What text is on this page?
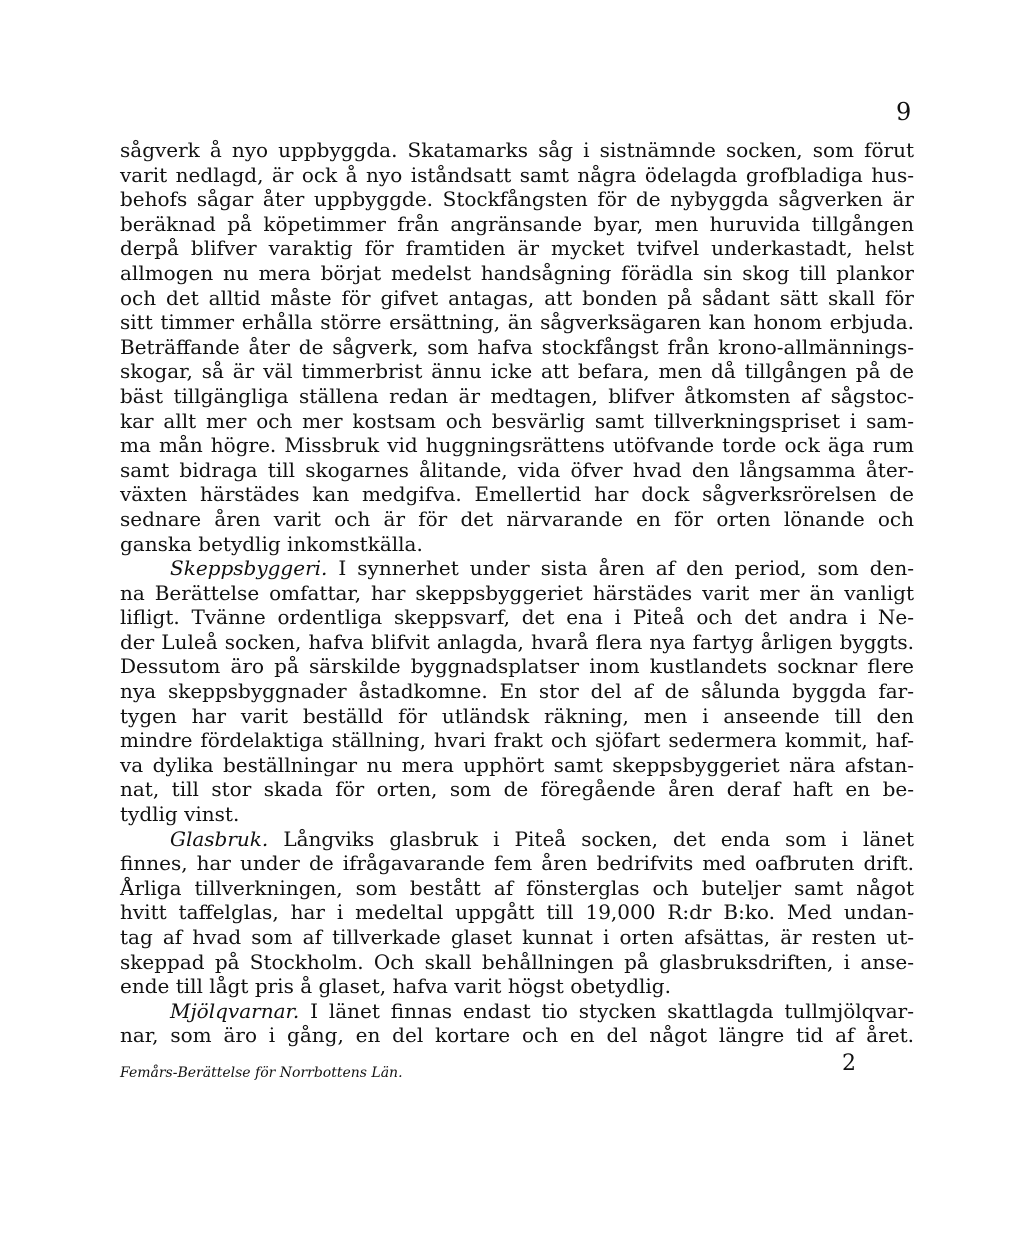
9
sågverk å nyo uppbyggda. Skatamarks såg i sistnämnde socken, som förut
varit nedlagd, är ock å nyo iståndsatt samt några ödelagda grofbladiga hus-
behofs sågar åter uppbyggde. Stockfångsten för de nybyggda sågverken är
beräknad på köpetimmer från angränsande byar, men huruvida tillgången
derpå blifver varaktig för framtiden är mycket tvifvel underkastadt, helst
allmogen nu mera börjat medelst handsågning förädla sin skog till plankor
och det alltid måste för gifvet antagas, att bonden på sådant sätt skall för
sitt timmer erhålla större ersättning, än sågverksägaren kan honom erbjuda.
Beträffande åter de sågverk, som hafva stockfångst från krono-allmännings-
skogar, så är väl timmerbrist ännu icke att befara, men då tillgången på de
bäst tillgängliga ställena redan är medtagen, blifver åtkomsten af sågstoc-
kar allt mer och mer kostsam och besvärlig samt tillverkningspriset i sam-
ma mån högre. Missbruk vid huggningsrättens utöfvande torde ock äga rum
samt bidraga till skogarnes ålitande, vida öfver hvad den långsamma åter-
växten härstädes kan medgifva. Emellertid har dock sågverksrörelsen de
sednare åren varit och är för det närvarande en för orten lönande och
ganska betydlig inkomstkälla.
Skeppsbyggeri. I synnerhet under sista åren af den period, som den-
na Berättelse omfattar, har skeppsbyggeriet härstädes varit mer än vanligt
lifligt. Tvänne ordentliga skeppsvarf, det ena i Piteå och det andra i Ne-
der Luleå socken, hafva blifvit anlagda, hvarå flera nya fartyg årligen byggts.
Dessutom äro på särskilde byggnadsplatser inom kustlandets socknar flere
nya skeppsbyggnader åstadkomne. En stor del af de sålunda byggda far-
tygen har varit beställd för utländsk räkning, men i anseende till den
mindre fördelaktiga ställning, hvari frakt och sjöfart sedermera kommit, haf-
va dylika beställningar nu mera upphört samt skeppsbyggeriet nära afstan-
nat, till stor skada för orten, som de föregående åren deraf haft en be-
tydlig vinst.
Glasbruk. Långviks glasbruk i Piteå socken, det enda som i länet
finnes, har under de ifrågavarande fem åren bedrifvits med oafbruten drift.
Årliga tillverkningen, som bestått af fönsterglas och buteljer samt något
hvitt taffelglas, har i medeltal uppgått till 19,000 R:dr B:ko. Med undan-
tag af hvad som af tillverkade glaset kunnat i orten afsättas, är resten ut-
skeppad på Stockholm. Och skall behållningen på glasbruksdriften, i anse-
ende till lågt pris å glaset, hafva varit högst obetydlig.
Mjölqvarnar. I länet finnas endast tio stycken skattlagda tullmjölqvar-
nar, som äro i gång, en del kortare och en del något längre tid af året.
Femårs-Berättelse för Norrbottens Län.	2
